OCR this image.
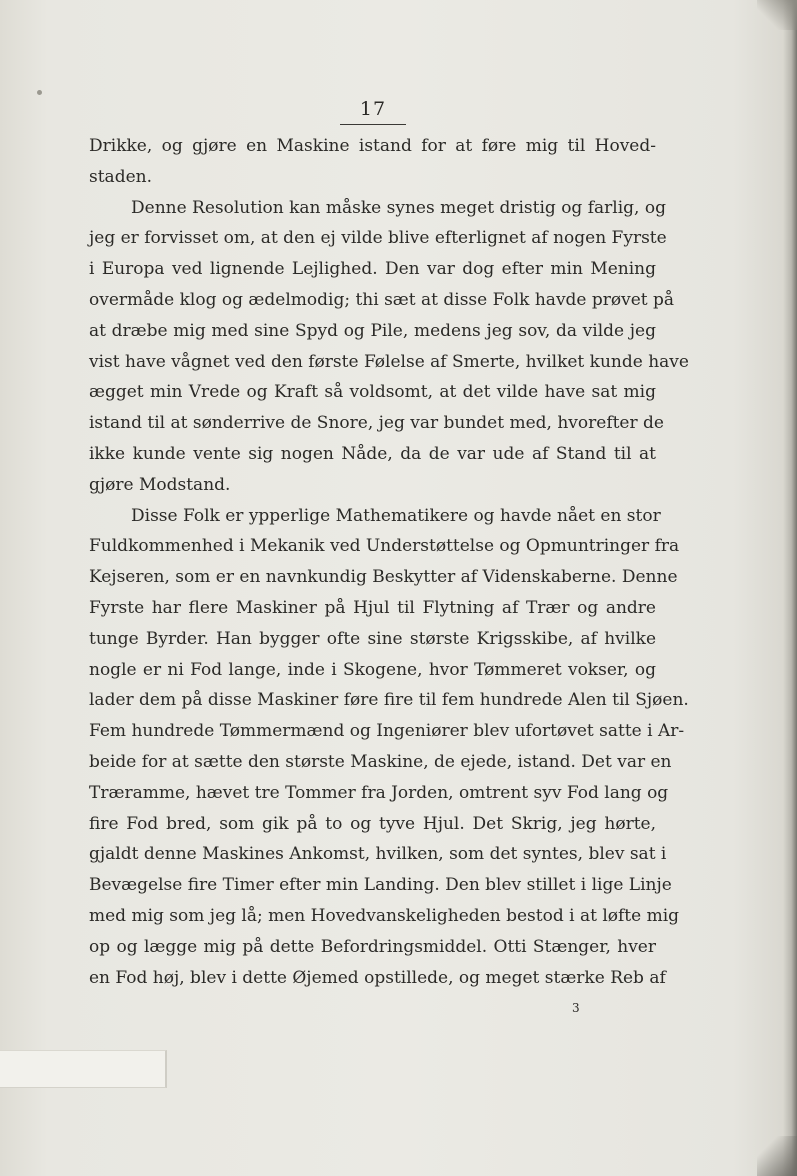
17
Drikke, og gjøre en Maskine istand for at føre mig til Hoved-
staden.
Denne Resolution kan måske synes meget dristig og farlig, og
jeg er forvisset om, at den ej vilde blive efterlignet af nogen Fyrste
i Europa ved lignende Lejlighed. Den var dog efter min Mening
overmåde klog og ædelmodig; thi sæt at disse Folk havde prøvet på
at dræbe mig med sine Spyd og Pile, medens jeg sov, da vilde jeg
vist have vågnet ved den første Følelse af Smerte, hvilket kunde have
ægget min Vrede og Kraft så voldsomt, at det vilde have sat mig
istand til at sønderrive de Snore, jeg var bundet med, hvorefter de
ikke kunde vente sig nogen Nåde, da de var ude af Stand til at
gjøre Modstand.
Disse Folk er ypperlige Mathematikere og havde nået en stor
Fuldkommenhed i Mekanik ved Understøttelse og Opmuntringer fra
Kejseren, som er en navnkundig Beskytter af Videnskaberne. Denne
Fyrste har flere Maskiner på Hjul til Flytning af Trær og andre
tunge Byrder. Han bygger ofte sine største Krigsskibe, af hvilke
nogle er ni Fod lange, inde i Skogene, hvor Tømmeret vokser, og
lader dem på disse Maskiner føre fire til fem hundrede Alen til Sjøen.
Fem hundrede Tømmermænd og Ingeniører blev ufortøvet satte i Ar-
beide for at sætte den største Maskine, de ejede, istand. Det var en
Træramme, hævet tre Tommer fra Jorden, omtrent syv Fod lang og
fire Fod bred, som gik på to og tyve Hjul. Det Skrig, jeg hørte,
gjaldt denne Maskines Ankomst, hvilken, som det syntes, blev sat i
Bevægelse fire Timer efter min Landing. Den blev stillet i lige Linje
med mig som jeg lå; men Hovedvanskeligheden bestod i at løfte mig
op og lægge mig på dette Befordringsmiddel. Otti Stænger, hver
en Fod høj, blev i dette Øjemed opstillede, og meget stærke Reb af
3
